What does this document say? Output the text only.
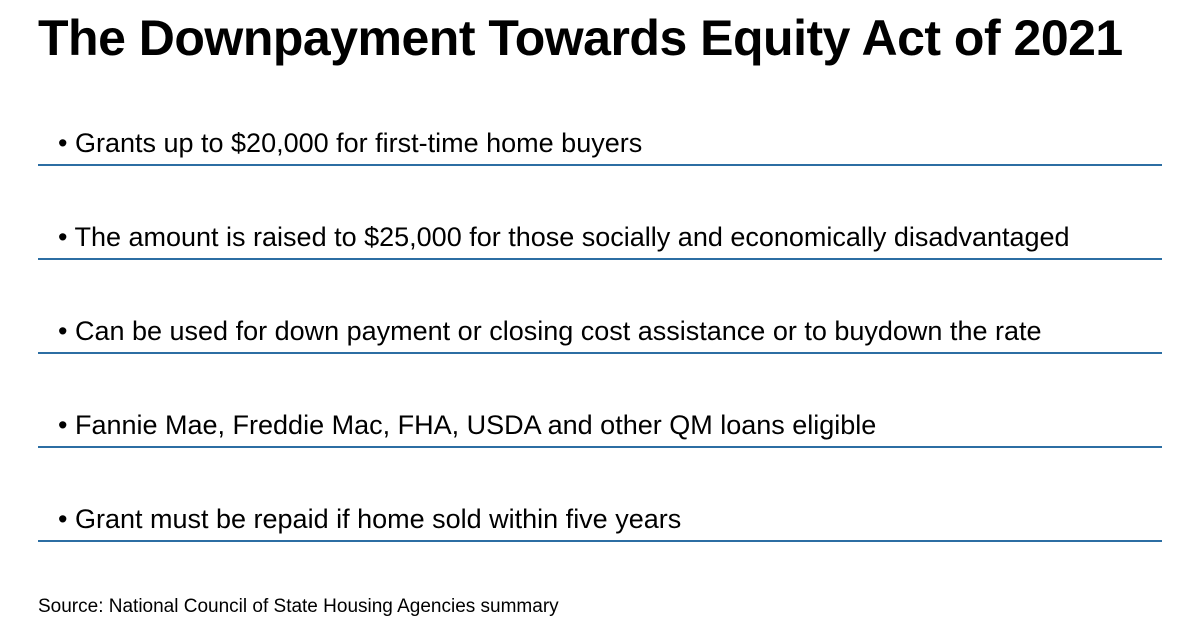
The Downpayment Towards Equity Act of 2021
• Grants up to $20,000 for first-time home buyers
• The amount is raised to $25,000 for those socially and economically disadvantaged
• Can be used for down payment or closing cost assistance or to buydown the rate
• Fannie Mae, Freddie Mac, FHA, USDA and other QM loans eligible
• Grant must be repaid if home sold within five years
Source: National Council of State Housing Agencies summary
